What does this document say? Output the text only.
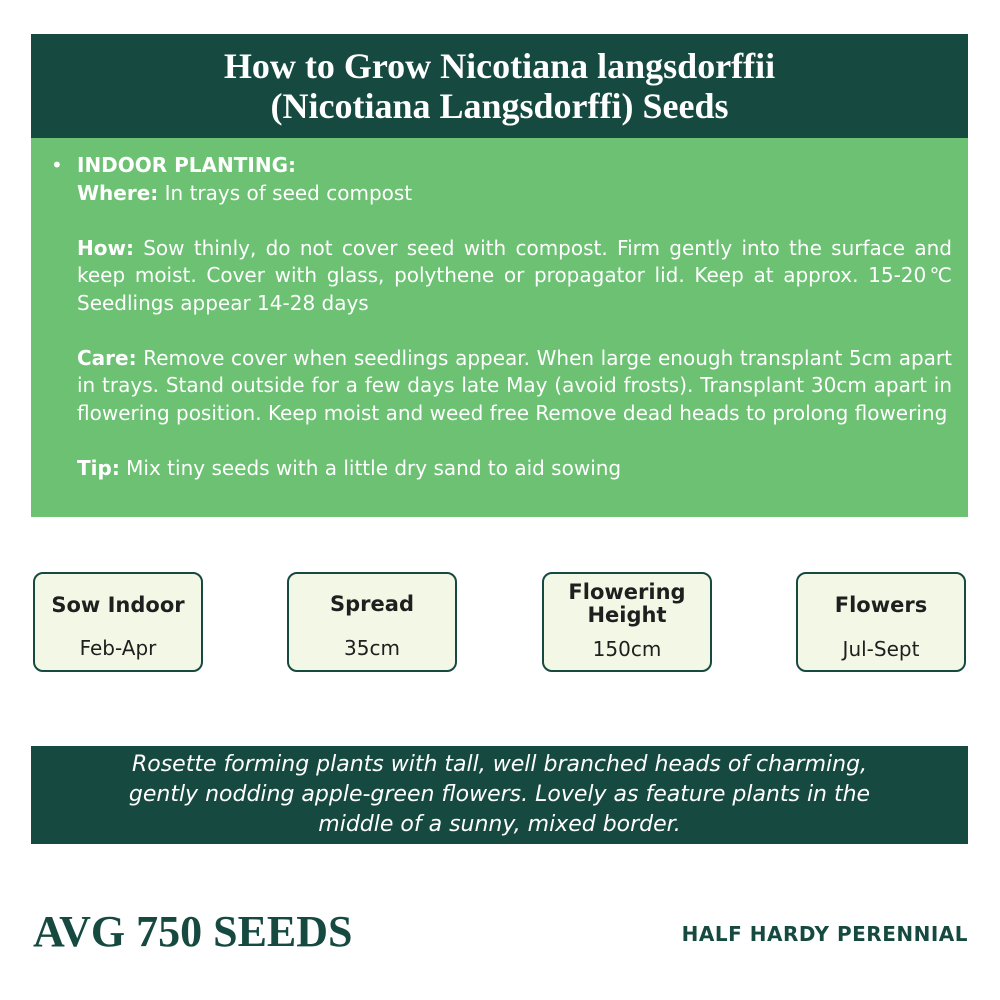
How to Grow Nicotiana langsdorffii
(Nicotiana Langsdorffi) Seeds
• INDOOR PLANTING:

Where: In trays of seed compost

How: Sow thinly, do not cover seed with compost. Firm gently into the surface and keep moist. Cover with glass, polythene or propagator lid. Keep at approx. 15-20℃ Seedlings appear 14-28 days

Care: Remove cover when seedlings appear. When large enough transplant 5cm apart in trays. Stand outside for a few days late May (avoid frosts). Transplant 30cm apart in flowering position. Keep moist and weed free Remove dead heads to prolong flowering

Tip: Mix tiny seeds with a little dry sand to aid sowing

Sow Indoor
Feb-Apr
Spread
35cm
Flowering
Height
150cm
Flowers
Jul-Sept
Rosette forming plants with tall, well branched heads of charming,
gently nodding apple-green flowers. Lovely as feature plants in the
middle of a sunny, mixed border.
AVG 750 SEEDS	HALF HARDY PERENNIAL
